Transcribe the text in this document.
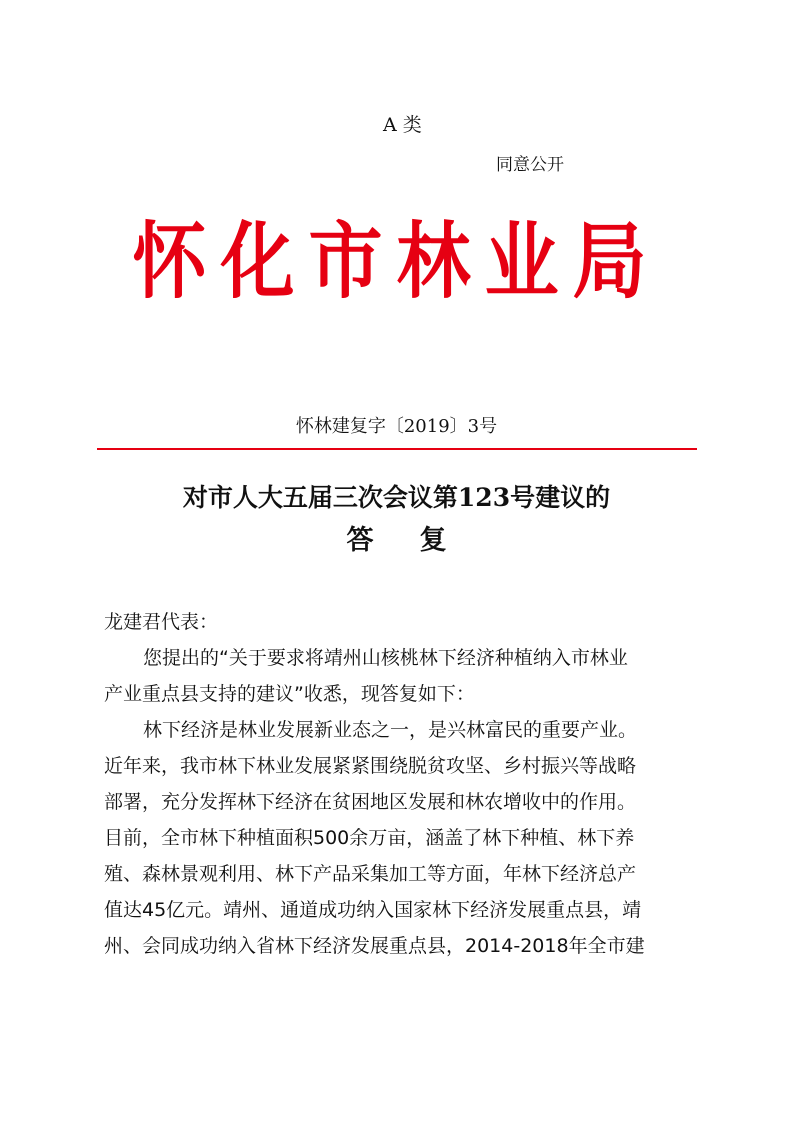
A 类
同意公开
怀化市林业局
怀林建复字〔2019〕3号
对市人大五届三次会议第123号建议的
答复
龙建君代表：
您提出的“关于要求将靖州山核桃林下经济种植纳入市林业
产业重点县支持的建议”收悉，现答复如下：
林下经济是林业发展新业态之一，是兴林富民的重要产业。
近年来，我市林下林业发展紧紧围绕脱贫攻坚、乡村振兴等战略
部署，充分发挥林下经济在贫困地区发展和林农增收中的作用。
目前，全市林下种植面积500余万亩，涵盖了林下种植、林下养
殖、森林景观利用、林下产品采集加工等方面，年林下经济总产
值达45亿元。靖州、通道成功纳入国家林下经济发展重点县，靖
州、会同成功纳入省林下经济发展重点县，2014-2018年全市建
